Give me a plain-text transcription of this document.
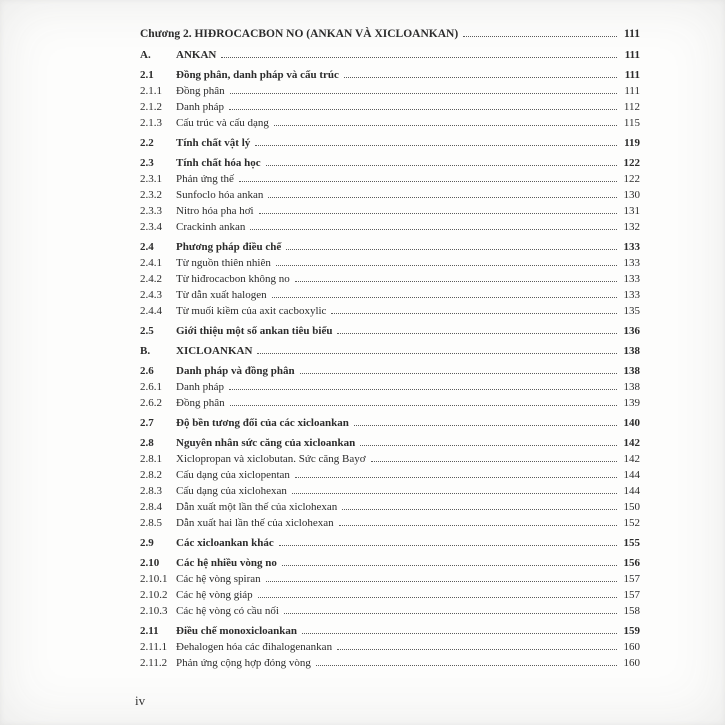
Chương 2. HIĐROCACBON NO (ANKAN VÀ XICLOANKAN)	111
A.	ANKAN	111
2.1	Đồng phân, danh pháp và cấu trúc	111
2.1.1	Đồng phân	111
2.1.2	Danh pháp	112
2.1.3	Cấu trúc và cấu dạng	115
2.2	Tính chất vật lý	119
2.3	Tính chất hóa học	122
2.3.1	Phản ứng thế	122
2.3.2	Sunfoclo hóa ankan	130
2.3.3	Nitro hóa pha hơi	131
2.3.4	Crackinh ankan	132
2.4	Phương pháp điều chế	133
2.4.1	Từ nguồn thiên nhiên	133
2.4.2	Từ hiđrocacbon không no	133
2.4.3	Từ dẫn xuất halogen	133
2.4.4	Từ muối kiềm của axit cacboxylic	135
2.5	Giới thiệu một số ankan tiêu biểu	136
B.	XICLOANKAN	138
2.6	Danh pháp và đồng phân	138
2.6.1	Danh pháp	138
2.6.2	Đồng phân	139
2.7	Độ bền tương đối của các xicloankan	140
2.8	Nguyên nhân sức căng của xicloankan	142
2.8.1	Xiclopropan và xiclobutan. Sức căng Bayơ	142
2.8.2	Cấu dạng của xiclopentan	144
2.8.3	Cấu dạng của xiclohexan	144
2.8.4	Dẫn xuất một lần thế của xiclohexan	150
2.8.5	Dẫn xuất hai lần thế của xiclohexan	152
2.9	Các xicloankan khác	155
2.10	Các hệ nhiều vòng no	156
2.10.1 Các hệ vòng spiran	157
2.10.2 Các hệ vòng giáp	157
2.10.3 Các hệ vòng có cầu nối	158
2.11	Điều chế monoxicloankan	159
2.11.1 Đehalogen hóa các đihalogenankan	160
2.11.2 Phản ứng cộng hợp đóng vòng	160
iv
